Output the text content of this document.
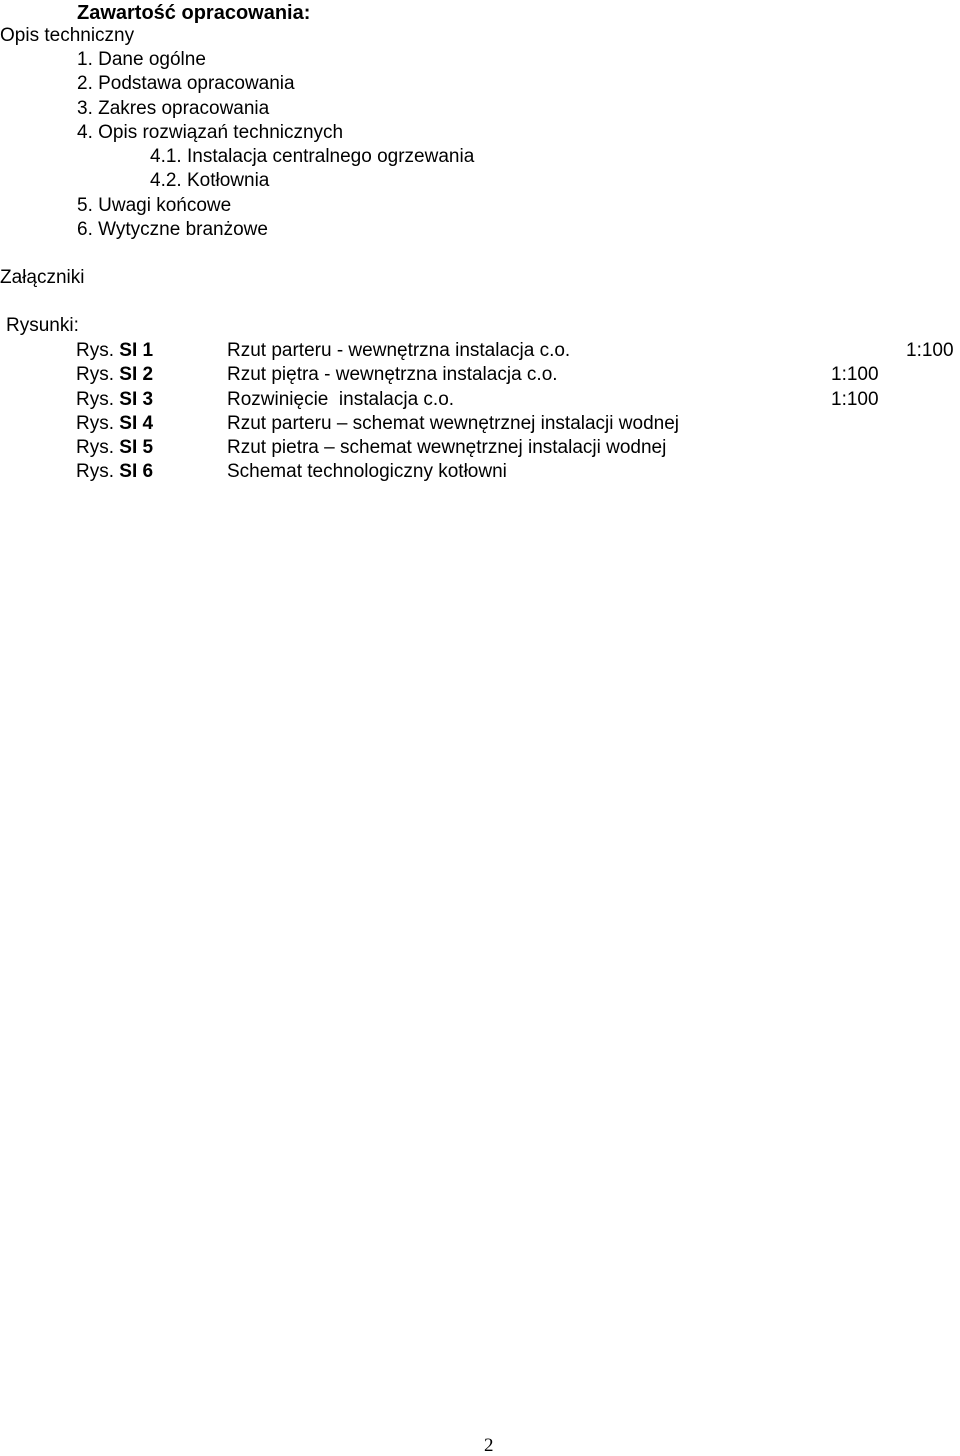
Zawartość opracowania:
Opis techniczny
1. Dane ogólne
2. Podstawa opracowania
3. Zakres opracowania
4. Opis rozwiązań technicznych
4.1. Instalacja centralnego ogrzewania
4.2. Kotłownia
5. Uwagi końcowe
6. Wytyczne branżowe
Załączniki
Rysunki:
Rys. SI 1	Rzut parteru - wewnętrzna instalacja c.o.	1:100
Rys. SI 2	Rzut piętra - wewnętrzna instalacja c.o.	1:100
Rys. SI 3	Rozwinięcie  instalacja c.o.	1:100
Rys. SI 4	Rzut parteru – schemat wewnętrznej instalacji wodnej
Rys. SI 5	Rzut pietra – schemat wewnętrznej instalacji wodnej
Rys. SI 6	Schemat technologiczny kotłowni
2
